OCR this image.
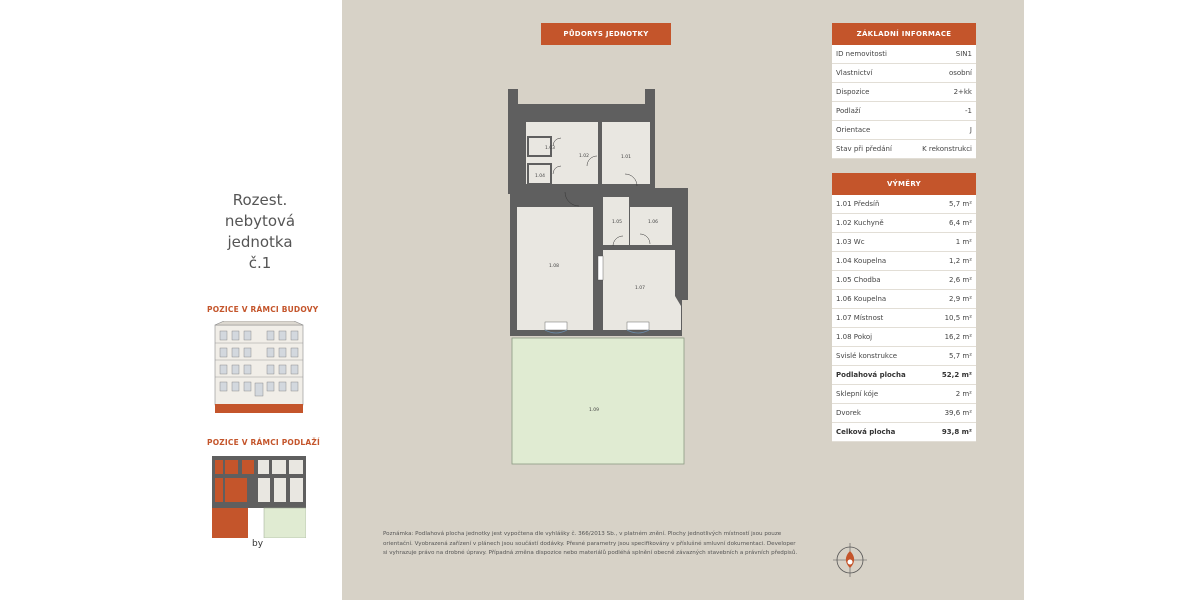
Rozest.
nebytová
jednotka
č.1
POZICE V RÁMCI BUDOVY
POZICE V RÁMCI PODLAŽÍ
by
PŮDORYS JEDNOTKY
1.03
1.02	1.01
1.04
1.05	1.06
1.08
1.07
1.09
ZÁKLADNÍ INFORMACE
ID nemovitosti	SIN1
Vlastnictví	osobní
Dispozice	2+kk
Podlaží	-1
Orientace	J
Stav při předání	K rekonstrukci
VÝMĚRY
1.01 Předsíň	5,7 m²
1.02 Kuchyně	6,4 m²
1.03 Wc	1 m²
1.04 Koupelna	1,2 m²
1.05 Chodba	2,6 m²
1.06 Koupelna	2,9 m²
1.07 Místnost	10,5 m²
1.08 Pokoj	16,2 m²
Svislé konstrukce	5,7 m²
Podlahová plocha	52,2 m²
Sklepní kóje	2 m²
Dvorek	39,6 m²
Celková plocha	93,8 m²
Poznámka: Podlahová plocha jednotky jest vypočtena dle vyhlášky č. 366/2013 Sb., v platném znění. Plochy jednotlivých místností jsou pouze orientační. Vyobrazená zařízení v plánech jsou součástí dodávky. Přesné parametry jsou specifikovány v příslušné smluvní dokumentaci. Developer si vyhrazuje právo na drobné úpravy. Případná změna dispozice nebo materiálů podléhá splnění obecně závazných stavebních a právních předpisů.
